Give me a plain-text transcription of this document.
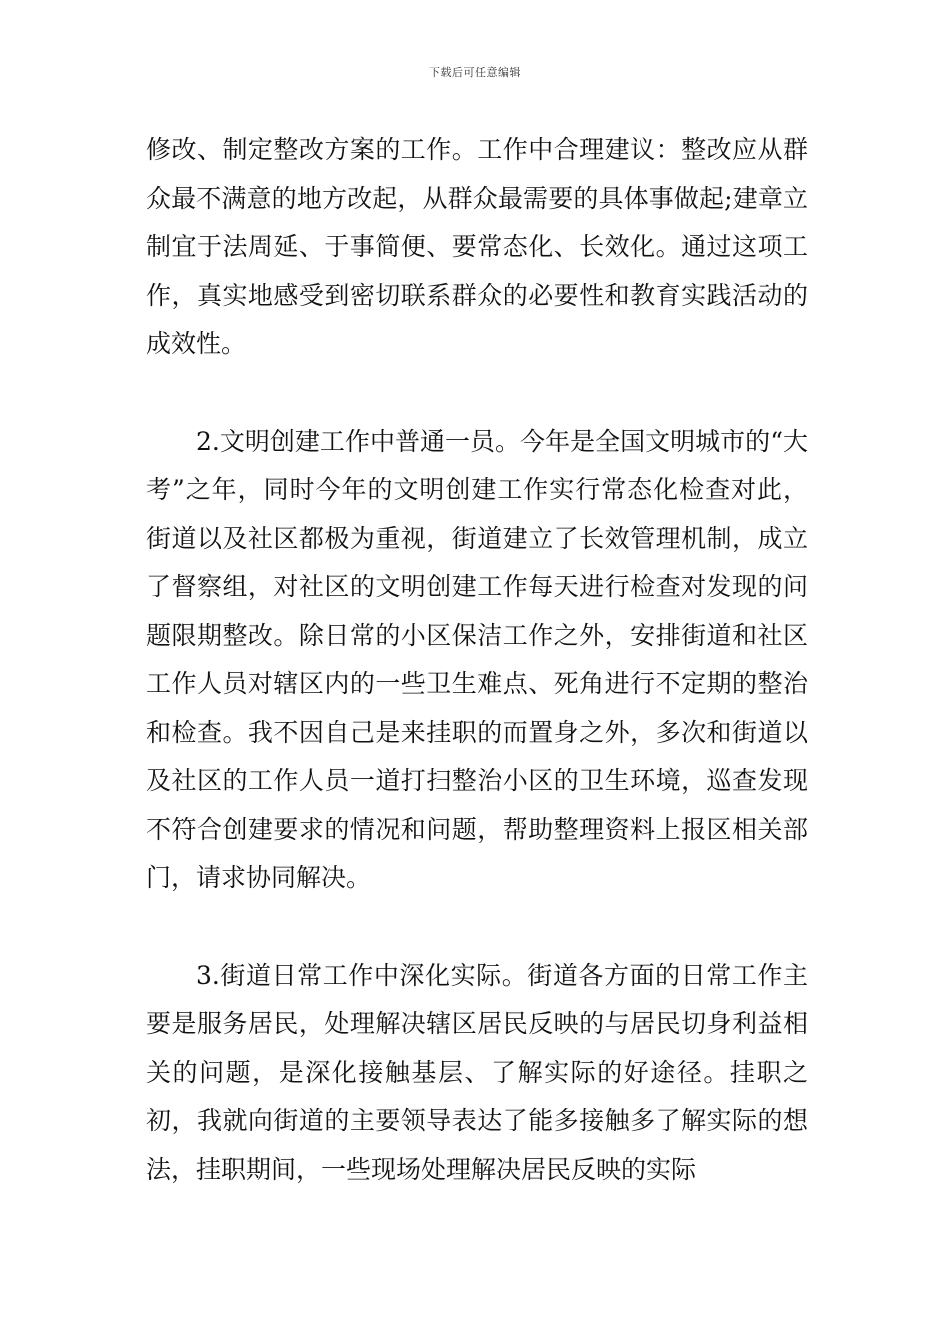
下载后可任意编辑

修改、制定整改方案的工作。工作中合理建议：整改应从群众最不满意的地方改起，从群众最需要的具体事做起;建章立制宜于法周延、于事简便、要常态化、长效化。通过这项工作，真实地感受到密切联系群众的必要性和教育实践活动的成效性。

2.文明创建工作中普通一员。今年是全国文明城市的“大考”之年，同时今年的文明创建工作实行常态化检查对此，街道以及社区都极为重视，街道建立了长效管理机制，成立了督察组，对社区的文明创建工作每天进行检查对发现的问题限期整改。除日常的小区保洁工作之外，安排街道和社区工作人员对辖区内的一些卫生难点、死角进行不定期的整治和检查。我不因自己是来挂职的而置身之外，多次和街道以及社区的工作人员一道打扫整治小区的卫生环境，巡查发现不符合创建要求的情况和问题，帮助整理资料上报区相关部门，请求协同解决。

3.街道日常工作中深化实际。街道各方面的日常工作主要是服务居民，处理解决辖区居民反映的与居民切身利益相关的问题，是深化接触基层、了解实际的好途径。挂职之初，我就向街道的主要领导表达了能多接触多了解实际的想法，挂职期间，一些现场处理解决居民反映的实际
